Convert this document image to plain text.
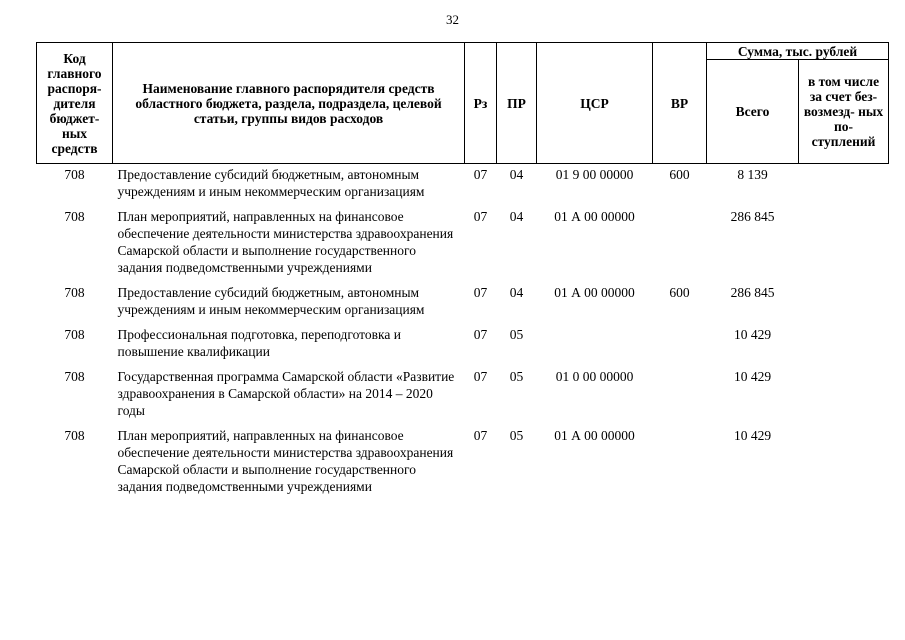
32
Код главного распоря- дителя бюджет- ных средств	Наименование главного распорядителя средств областного бюджета, раздела, подраздела, целевой статьи, группы видов расходов	Рз	ПР	ЦСР	ВР	Сумма, тыс. рублей	
						Всего	в том числе за счет без- возмезд- ных по- ступлений
708	Предоставление субсидий бюджетным, автономным учреждениям и иным некоммерческим организациям	07	04	01 9 00 00000	600	8 139	
708	План мероприятий, направленных на финансовое обеспечение деятельности министерства здравоохранения Самарской области и выполнение государственного задания подведомственными учреждениями	07	04	01 А 00 00000		286 845	
708	Предоставление субсидий бюджетным, автономным учреждениям и иным некоммерческим организациям	07	04	01 А 00 00000	600	286 845	
708	Профессиональная подготовка, переподготовка и повышение квалификации	07	05			10 429	
708	Государственная программа Самарской области «Развитие здравоохранения в Самарской области» на 2014 – 2020 годы	07	05	01 0 00 00000		10 429	
708	План мероприятий, направленных на финансовое обеспечение деятельности министерства здравоохранения Самарской области и выполнение государственного задания подведомственными учреждениями	07	05	01 А 00 00000		10 429	
